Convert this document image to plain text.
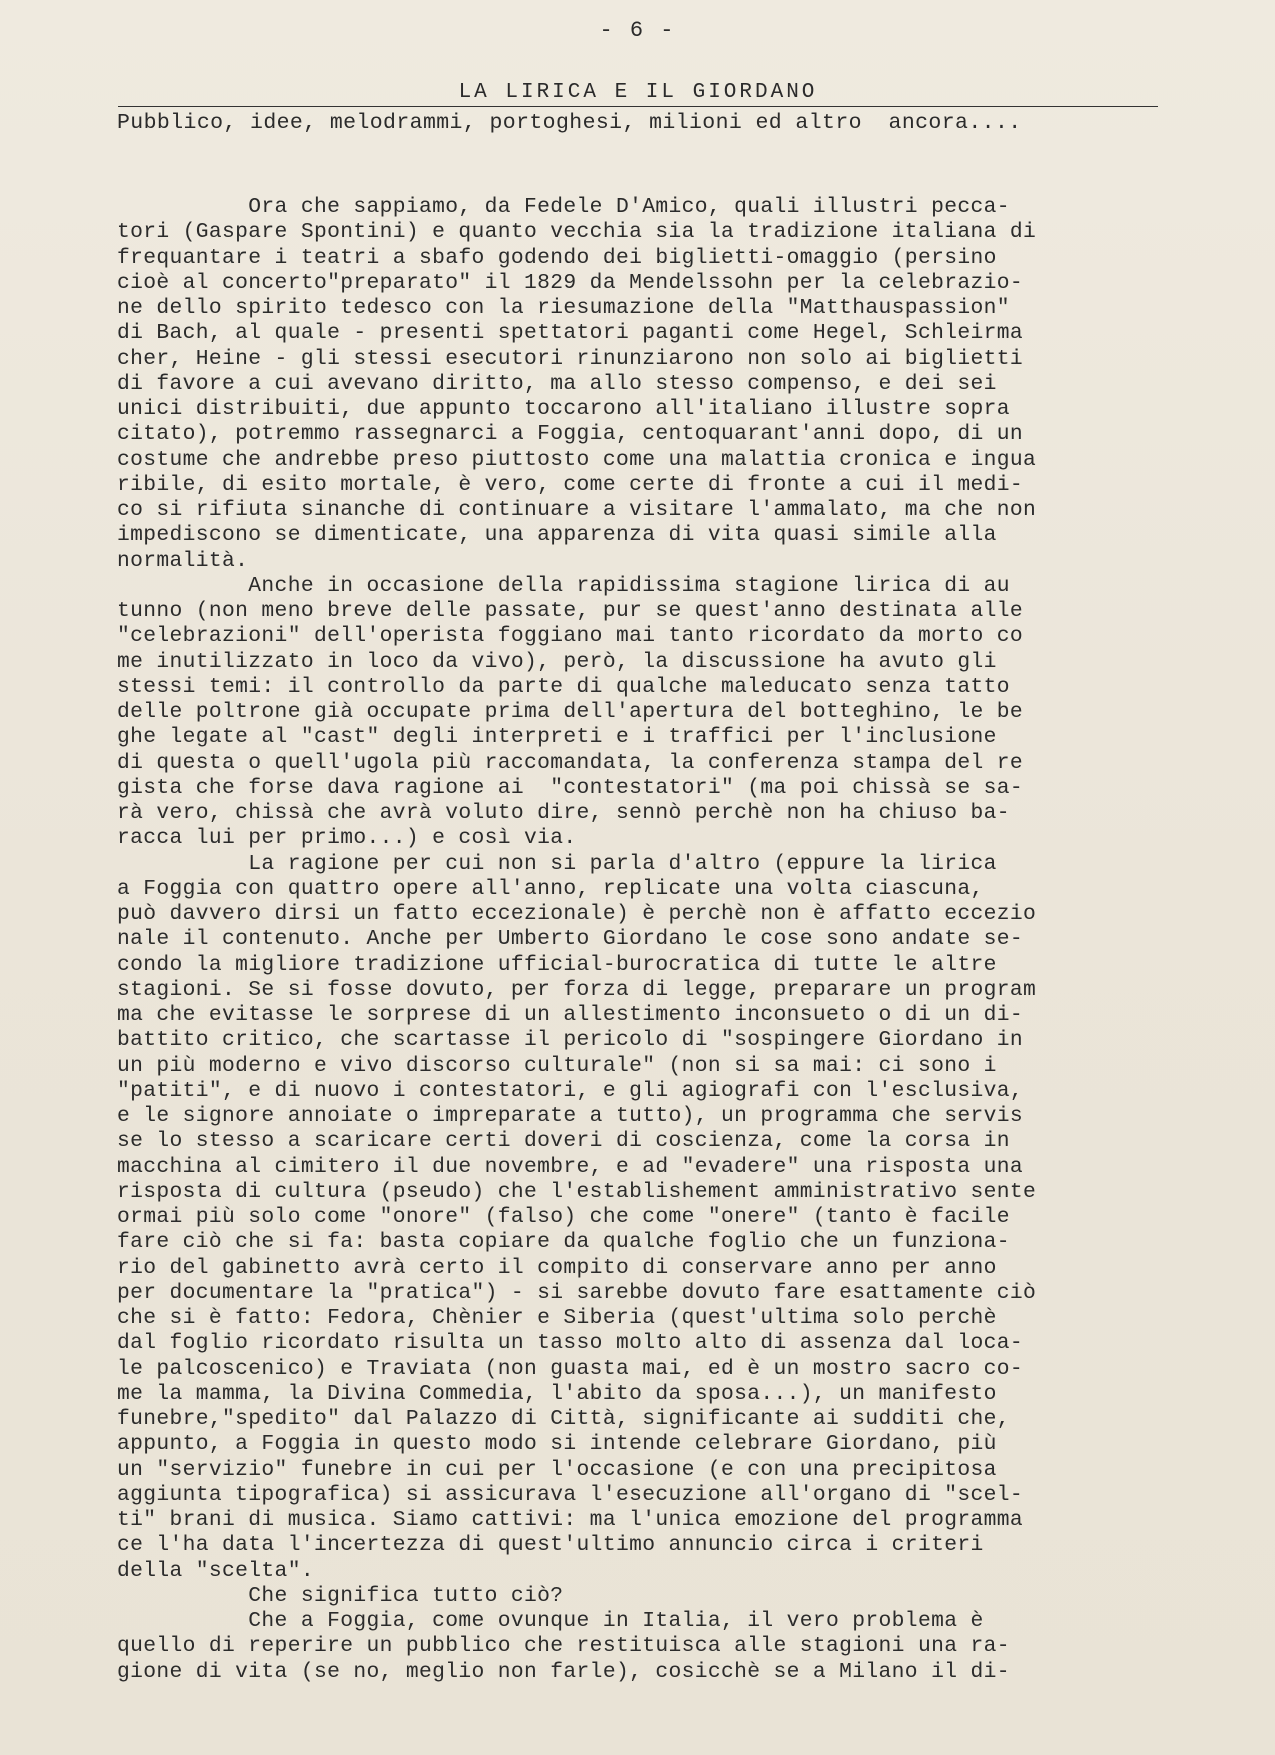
- 6 -
LA LIRICA E IL GIORDANO
Pubblico, idee, melodrammi, portoghesi, milioni ed altro  ancora....
Ora che sappiamo, da Fedele D'Amico, quali illustri pecca-
tori (Gaspare Spontini) e quanto vecchia sia la tradizione italiana di
frequantare i teatri a sbafo godendo dei biglietti-omaggio (persino
cioè al concerto"preparato" il 1829 da Mendelssohn per la celebrazio-
ne dello spirito tedesco con la riesumazione della "Matthauspassion"
di Bach, al quale - presenti spettatori paganti come Hegel, Schleirma
cher, Heine - gli stessi esecutori rinunziarono non solo ai biglietti
di favore a cui avevano diritto, ma allo stesso compenso, e dei sei
unici distribuiti, due appunto toccarono all'italiano illustre sopra
citato), potremmo rassegnarci a Foggia, centoquarant'anni dopo, di un
costume che andrebbe preso piuttosto come una malattia cronica e ingua
ribile, di esito mortale, è vero, come certe di fronte a cui il medi-
co si rifiuta sinanche di continuare a visitare l'ammalato, ma che non
impediscono se dimenticate, una apparenza di vita quasi simile alla
normalità.
Anche in occasione della rapidissima stagione lirica di au
tunno (non meno breve delle passate, pur se quest'anno destinata alle
"celebrazioni" dell'operista foggiano mai tanto ricordato da morto co
me inutilizzato in loco da vivo), però, la discussione ha avuto gli
stessi temi: il controllo da parte di qualche maleducato senza tatto
delle poltrone già occupate prima dell'apertura del botteghino, le be
ghe legate al "cast" degli interpreti e i traffici per l'inclusione
di questa o quell'ugola più raccomandata, la conferenza stampa del re
gista che forse dava ragione ai  "contestatori" (ma poi chissà se sa-
rà vero, chissà che avrà voluto dire, sennò perchè non ha chiuso ba-
racca lui per primo...) e così via.
La ragione per cui non si parla d'altro (eppure la lirica
a Foggia con quattro opere all'anno, replicate una volta ciascuna,
può davvero dirsi un fatto eccezionale) è perchè non è affatto eccezio
nale il contenuto. Anche per Umberto Giordano le cose sono andate se-
condo la migliore tradizione ufficial-burocratica di tutte le altre
stagioni. Se si fosse dovuto, per forza di legge, preparare un program
ma che evitasse le sorprese di un allestimento inconsueto o di un di-
battito critico, che scartasse il pericolo di "sospingere Giordano in
un più moderno e vivo discorso culturale" (non si sa mai: ci sono i
"patiti", e di nuovo i contestatori, e gli agiografi con l'esclusiva,
e le signore annoiate o impreparate a tutto), un programma che servis
se lo stesso a scaricare certi doveri di coscienza, come la corsa in
macchina al cimitero il due novembre, e ad "evadere" una risposta una
risposta di cultura (pseudo) che l'establishement amministrativo sente
ormai più solo come "onore" (falso) che come "onere" (tanto è facile
fare ciò che si fa: basta copiare da qualche foglio che un funziona-
rio del gabinetto avrà certo il compito di conservare anno per anno
per documentare la "pratica") - si sarebbe dovuto fare esattamente ciò
che si è fatto: Fedora, Chènier e Siberia (quest'ultima solo perchè
dal foglio ricordato risulta un tasso molto alto di assenza dal loca-
le palcoscenico) e Traviata (non guasta mai, ed è un mostro sacro co-
me la mamma, la Divina Commedia, l'abito da sposa...), un manifesto
funebre,"spedito" dal Palazzo di Città, significante ai sudditi che,
appunto, a Foggia in questo modo si intende celebrare Giordano, più
un "servizio" funebre in cui per l'occasione (e con una precipitosa
aggiunta tipografica) si assicurava l'esecuzione all'organo di "scel-
ti" brani di musica. Siamo cattivi: ma l'unica emozione del programma
ce l'ha data l'incertezza di quest'ultimo annuncio circa i criteri
della "scelta".
Che significa tutto ciò?
Che a Foggia, come ovunque in Italia, il vero problema è
quello di reperire un pubblico che restituisca alle stagioni una ra-
gione di vita (se no, meglio non farle), cosicchè se a Milano il di-
